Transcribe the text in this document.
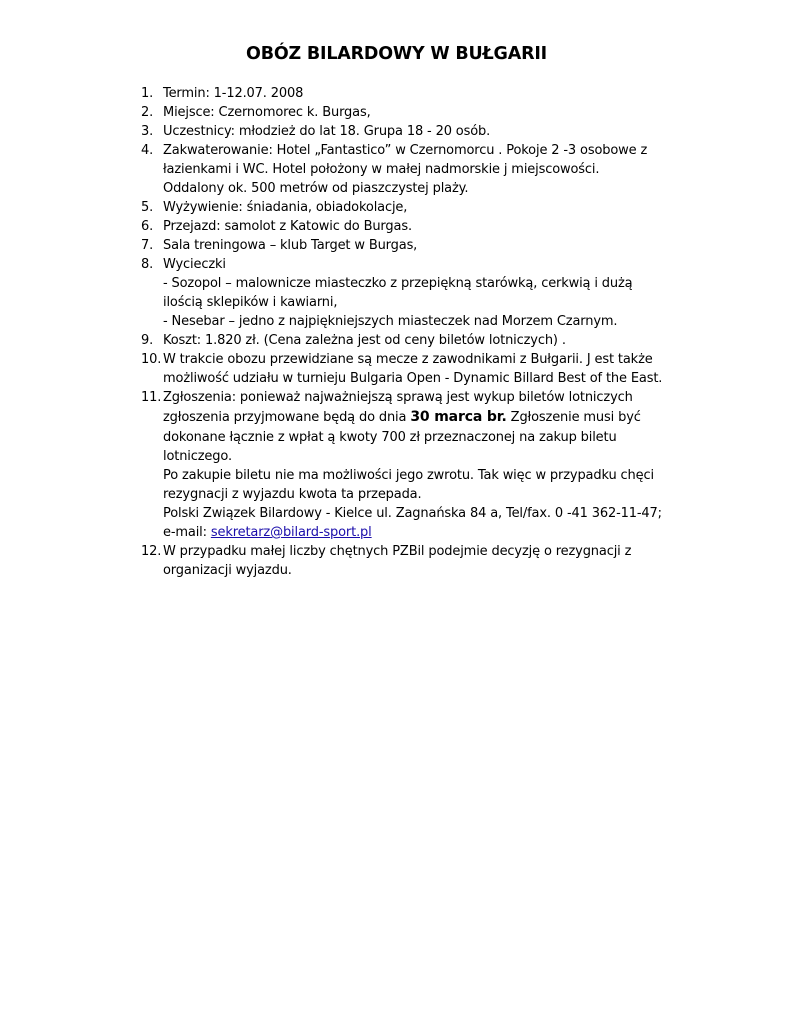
OBÓZ BILARDOWY W BUŁGARII
1. Termin: 1-12.07. 2008
2. Miejsce: Czernomorec k. Burgas,
3. Uczestnicy: młodzież do lat 18. Grupa 18 - 20 osób.
4. Zakwaterowanie: Hotel „Fantastico” w Czernomorcu . Pokoje 2 -3 osobowe z
łazienkami i WC. Hotel położony w małej nadmorskie j miejscowości.
Oddalony ok. 500 metrów od piaszczystej plaży.
5. Wyżywienie: śniadania, obiadokolacje,
6. Przejazd: samolot z Katowic do Burgas.
7. Sala treningowa – klub Target w Burgas,
8. Wycieczki
- Sozopol – malownicze miasteczko z przepiękną starówką, cerkwią i dużą
ilością sklepików i kawiarni,
- Nesebar – jedno z najpiękniejszych miasteczek nad Morzem Czarnym.
9. Koszt: 1.820 zł. (Cena zależna jest od ceny biletów lotniczych) .
10. W trakcie obozu przewidziane są mecze z zawodnikami z Bułgarii. J est także
możliwość udziału w turnieju Bulgaria Open - Dynamic Billard Best of the East.
11. Zgłoszenia: ponieważ najważniejszą sprawą jest wykup biletów lotniczych
zgłoszenia przyjmowane będą do dnia 30 marca br. Zgłoszenie musi być
dokonane łącznie z wpłat ą kwoty 700 zł przeznaczonej na zakup biletu
lotniczego.
Po zakupie biletu nie ma możliwości jego zwrotu. Tak więc w przypadku chęci
rezygnacji z wyjazdu kwota ta przepada.
Polski Związek Bilardowy - Kielce ul. Zagnańska 84 a, Tel/fax. 0 -41 362-11-47;
e-mail: sekretarz@bilard-sport.pl
12. W przypadku małej liczby chętnych PZBil podejmie decyzję o rezygnacji z
organizacji wyjazdu.
